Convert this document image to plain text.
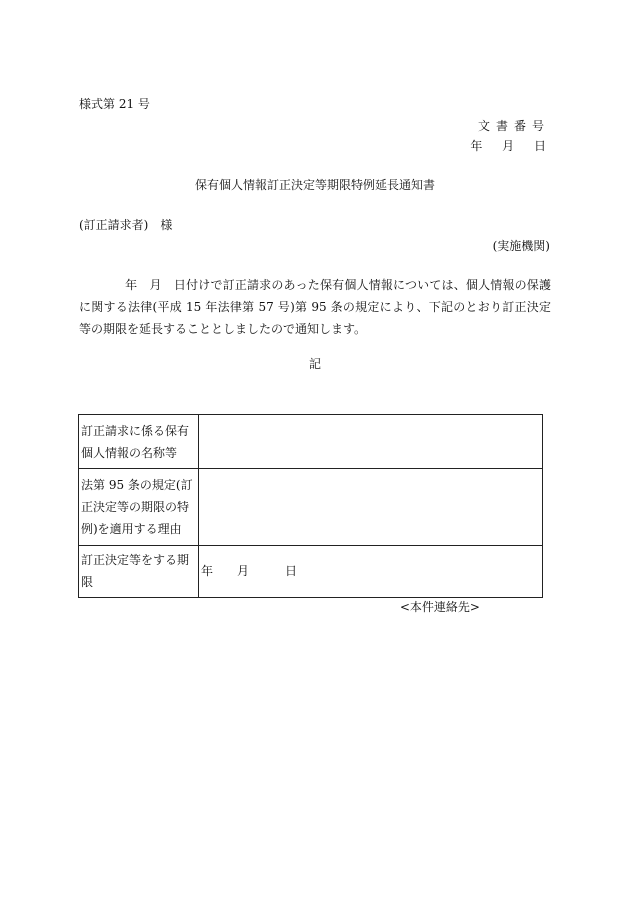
様式第 21 号

文書番号

年 月 日

保有個人情報訂正決定等期限特例延長通知書

(訂正請求者)　様

(実施機関)

年　月　日付けで訂正請求のあった保有個人情報については、個人情報の保護に関する法律(平成 15 年法律第 57 号)第 95 条の規定により、下記のとおり訂正決定等の期限を延長することとしましたので通知します。

記

訂正請求に係る保有個人情報の名称等	
法第 95 条の規定(訂正決定等の期限の特例)を適用する理由	
訂正決定等をする期限	年　　月　　　日

<本件連絡先>
